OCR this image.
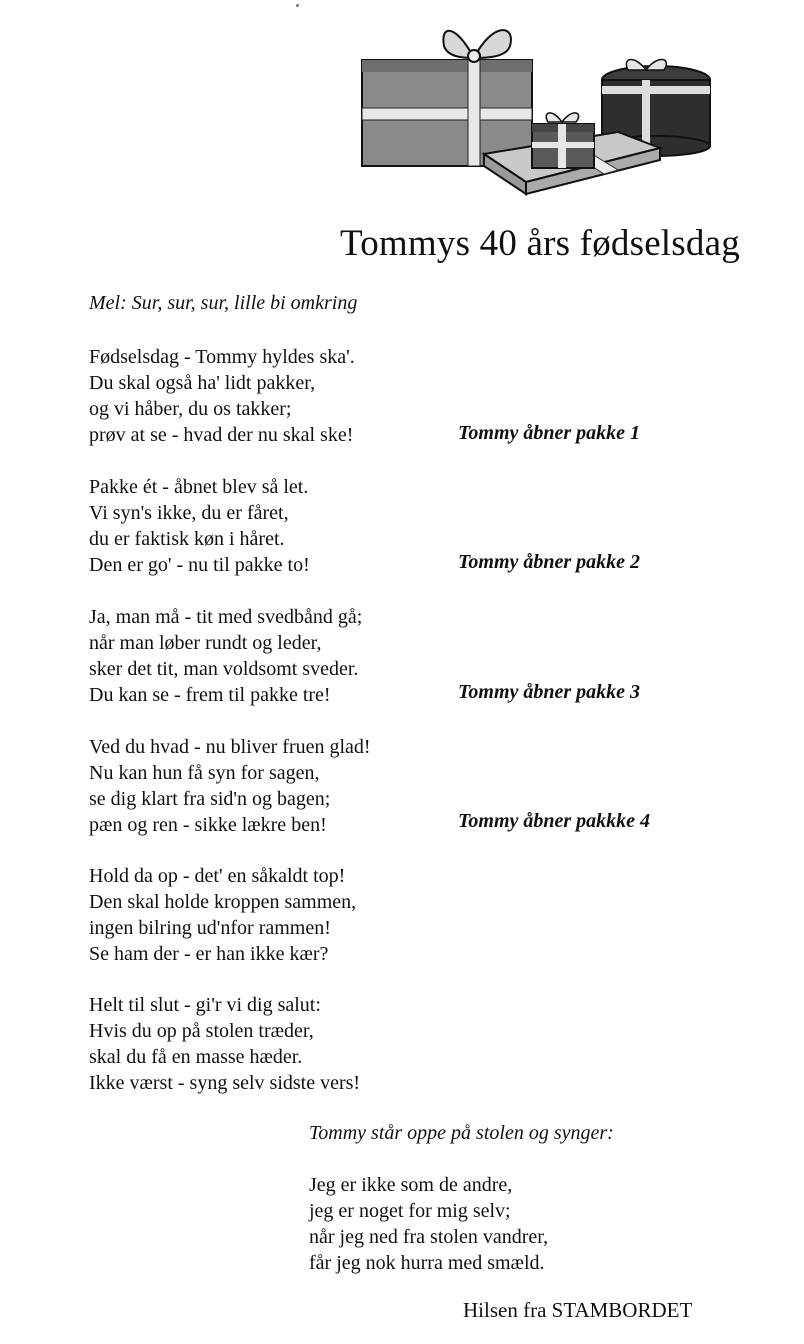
Tommys 40 års fødselsdag
Mel: Sur, sur, sur, lille bi omkring
Fødselsdag - Tommy hyldes ska'.
Du skal også ha' lidt pakker,
og vi håber, du os takker;
prøv at se - hvad der nu skal ske!	Tommy åbner pakke 1
Pakke ét - åbnet blev så let.
Vi syn's ikke, du er fåret,
du er faktisk køn i håret.
Den er go' - nu til pakke to!	Tommy åbner pakke 2
Ja, man må - tit med svedbånd gå;
når man løber rundt og leder,
sker det tit, man voldsomt sveder.
Du kan se - frem til pakke tre!	Tommy åbner pakke 3
Ved du hvad - nu bliver fruen glad!
Nu kan hun få syn for sagen,
se dig klart fra sid'n og bagen;
pæn og ren - sikke lækre ben!	Tommy åbner pakkke 4
Hold da op - det' en såkaldt top!
Den skal holde kroppen sammen,
ingen bilring ud'nfor rammen!
Se ham der - er han ikke kær?
Helt til slut - gi'r vi dig salut:
Hvis du op på stolen træder,
skal du få en masse hæder.
Ikke værst - syng selv sidste vers!
Tommy står oppe på stolen og synger:
Jeg er ikke som de andre,
jeg er noget for mig selv;
når jeg ned fra stolen vandrer,
får jeg nok hurra med smæld.
Hilsen fra STAMBORDET
